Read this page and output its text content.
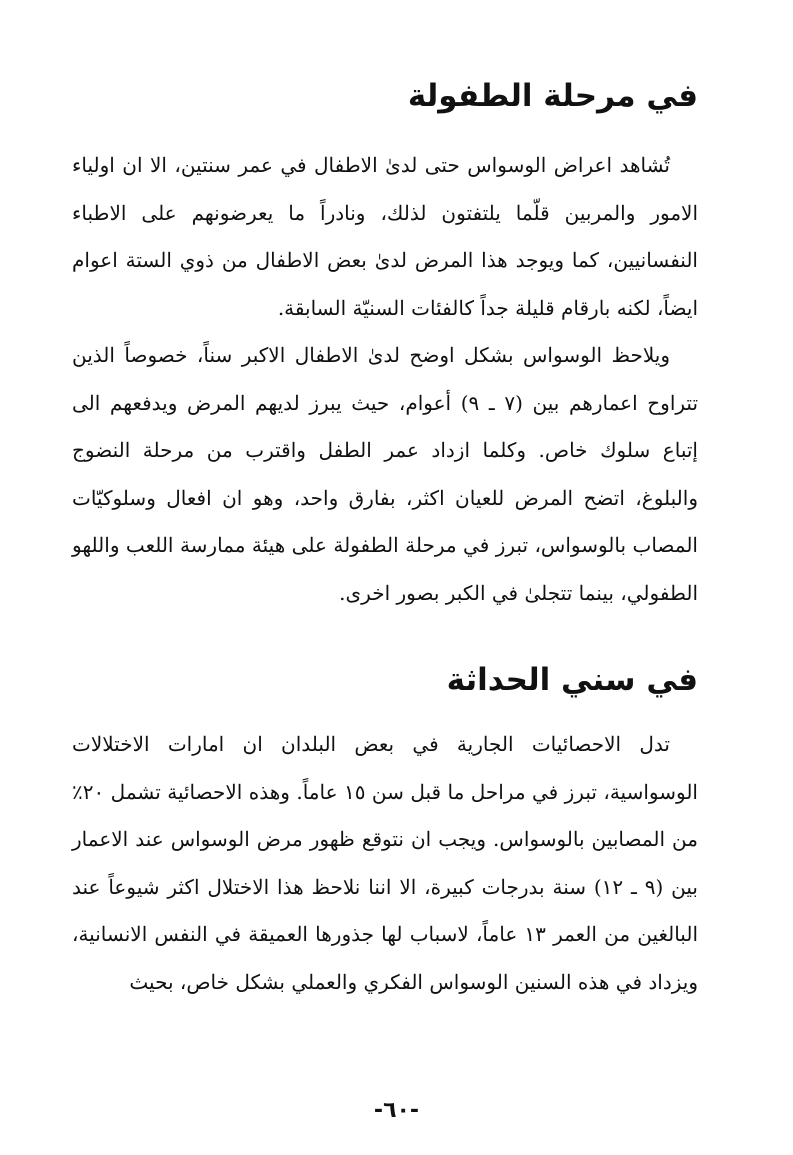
في مرحلة الطفولة

تُشاهد اعراض الوسواس حتى لدىٰ الاطفال في عمر سنتين، الا ان اولياء الامور والمربين قلّما يلتفتون لذلك، ونادراً ما يعرضونهم على الاطباء النفسانيين، كما ويوجد هذا المرض لدىٰ بعض الاطفال من ذوي الستة اعوام ايضاً، لكنه بارقام قليلة جداً كالفئات السنيّة السابقة.

ويلاحظ الوسواس بشكل اوضح لدىٰ الاطفال الاكبر سناً، خصوصاً الذين تتراوح اعمارهم بين (٧ ـ ٩) أعوام، حيث يبرز لديهم المرض ويدفعهم الى إتباع سلوك خاص. وكلما ازداد عمر الطفل واقترب من مرحلة النضوج والبلوغ، اتضح المرض للعيان اكثر، بفارق واحد، وهو ان افعال وسلوكيّات المصاب بالوسواس، تبرز في مرحلة الطفولة على هيئة ممارسة اللعب واللهو الطفولي، بينما تتجلىٰ في الكبر بصور اخرى.

في سني الحداثة

تدل الاحصائيات الجارية في بعض البلدان ان امارات الاختلالات الوسواسية، تبرز في مراحل ما قبل سن ١٥ عاماً. وهذه الاحصائية تشمل ٢٠٪ من المصابين بالوسواس. ويجب ان نتوقع ظهور مرض الوسواس عند الاعمار بين (٩ ـ ١٢) سنة بدرجات كبيرة، الا اننا نلاحظ هذا الاختلال اكثر شيوعاً عند البالغين من العمر ١٣ عاماً، لاسباب لها جذورها العميقة في النفس الانسانية، ويزداد في هذه السنين الوسواس الفكري والعملي بشكل خاص، بحيث

-٦٠-
